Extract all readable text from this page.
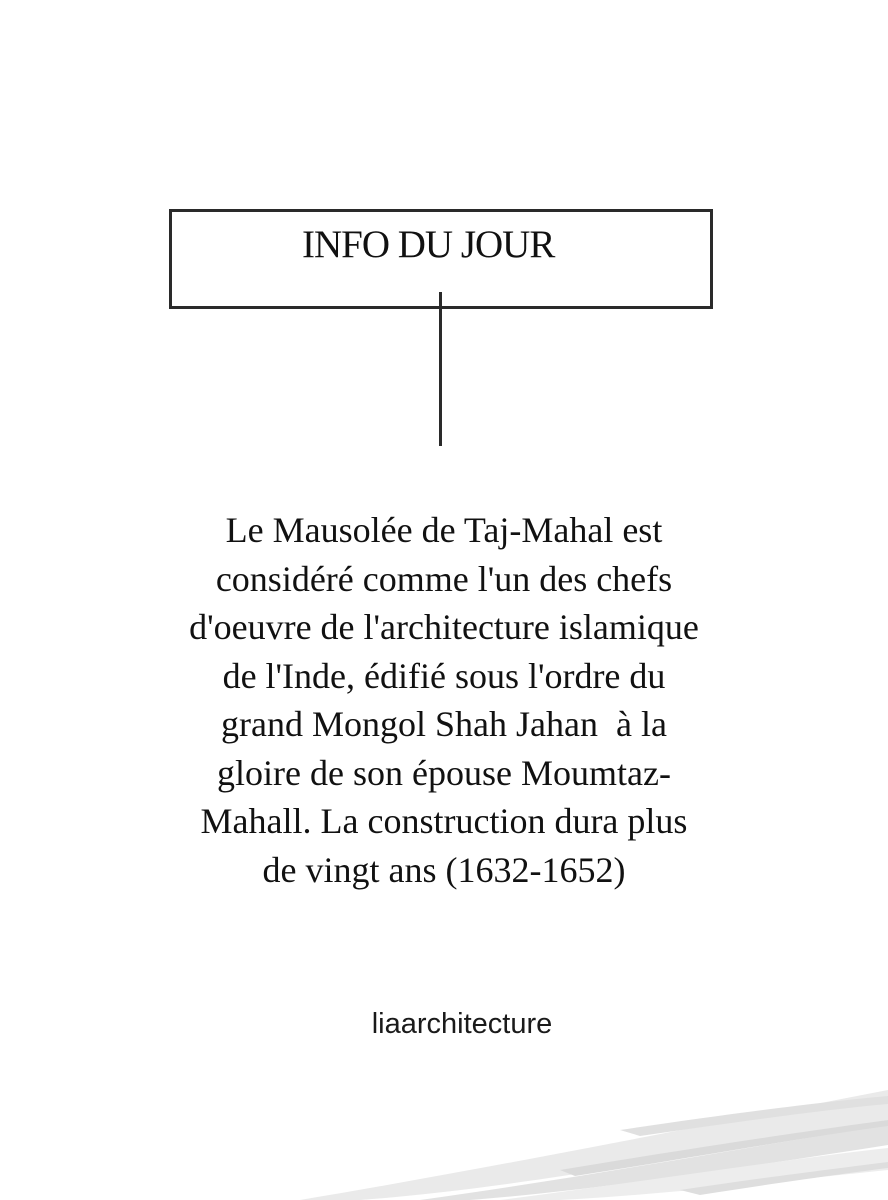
INFO DU JOUR
Le Mausolée de Taj-Mahal est
considéré comme l'un des chefs
d'oeuvre de l'architecture islamique
de l'Inde, édifié sous l'ordre du
grand Mongol Shah Jahan  à la
gloire de son épouse Moumtaz-
Mahall. La construction dura plus
de vingt ans (1632-1652)
liaarchitecture
